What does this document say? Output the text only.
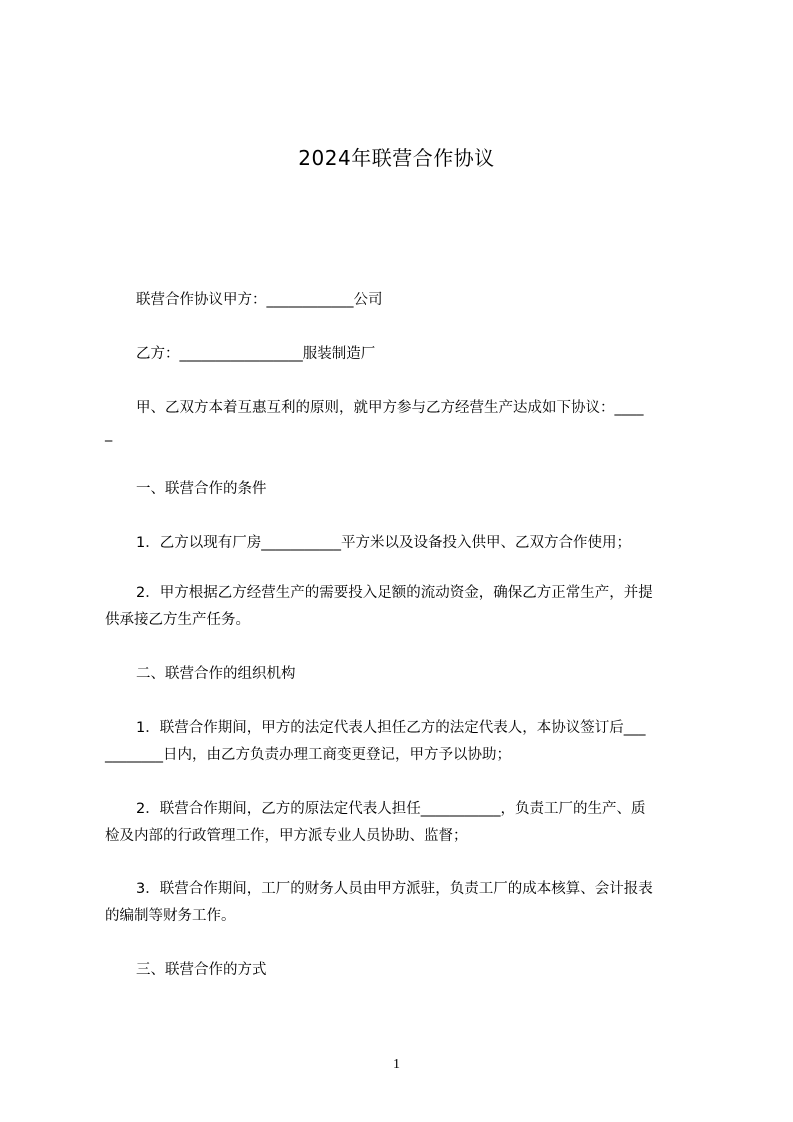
2024年联营合作协议
联营合作协议甲方：____________公司
乙方：_________________服装制造厂
甲、乙双方本着互惠互利的原则，就甲方参与乙方经营生产达成如下协议：____
_
一、联营合作的条件
1．乙方以现有厂房___________平方米以及设备投入供甲、乙双方合作使用；
2．甲方根据乙方经营生产的需要投入足额的流动资金，确保乙方正常生产，并提
供承接乙方生产任务。
二、联营合作的组织机构
1．联营合作期间，甲方的法定代表人担任乙方的法定代表人，本协议签订后___
________日内，由乙方负责办理工商变更登记，甲方予以协助；
2．联营合作期间，乙方的原法定代表人担任___________，负责工厂的生产、质
检及内部的行政管理工作，甲方派专业人员协助、监督；
3．联营合作期间，工厂的财务人员由甲方派驻，负责工厂的成本核算、会计报表
的编制等财务工作。
三、联营合作的方式
1
